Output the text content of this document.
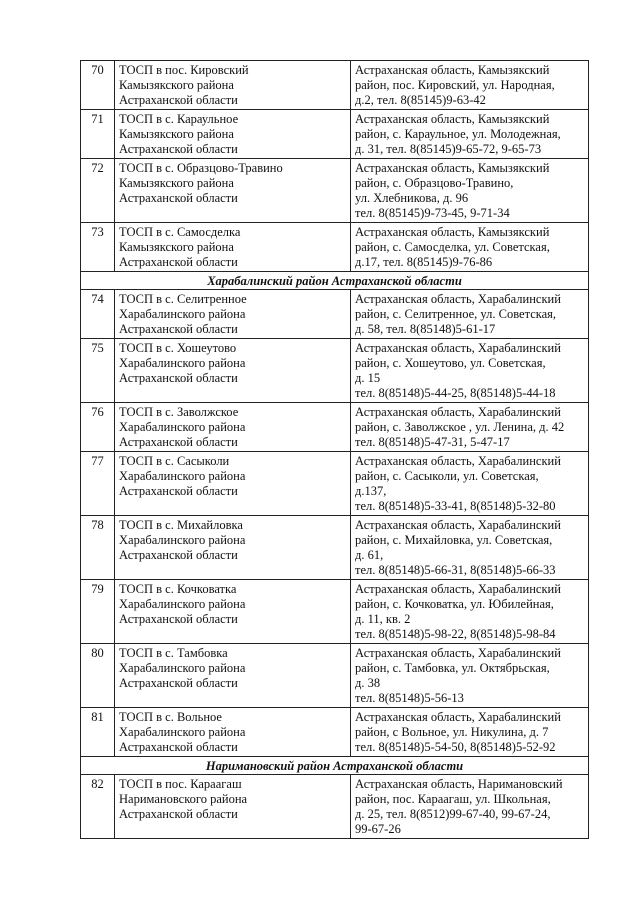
70	ТОСП в пос. Кировский
Камызякского района
Астраханской области	Астраханская область, Камызякский
район, пос. Кировский, ул. Народная,
д.2, тел. 8(85145)9-63-42

71	ТОСП в с. Караульное
Камызякского района
Астраханской области	Астраханская область, Камызякский
район, с. Караульное, ул. Молодежная,
д. 31, тел. 8(85145)9-65-72, 9-65-73

72	ТОСП в с. Образцово-Травино
Камызякского района
Астраханской области	Астраханская область, Камызякский
район, с. Образцово-Травино,
ул. Хлебникова, д. 96
тел. 8(85145)9-73-45, 9-71-34

73	ТОСП в с. Самосделка
Камызякского района
Астраханской области	Астраханская область, Камызякский
район, с. Самосделка, ул. Советская,
д.17, тел. 8(85145)9-76-86

Харабалинский район Астраханской области		
74	ТОСП в с. Селитренное
Харабалинского района
Астраханской области	Астраханская область, Харабалинский
район, с. Селитренное, ул. Советская,
д. 58, тел. 8(85148)5-61-17

75	ТОСП в с. Хошеутово
Харабалинского района
Астраханской области	Астраханская область, Харабалинский
район, с. Хошеутово, ул. Советская,
д. 15
тел. 8(85148)5-44-25, 8(85148)5-44-18

76	ТОСП в с. Заволжское
Харабалинского района
Астраханской области	Астраханская область, Харабалинский
район, с. Заволжское , ул. Ленина, д. 42
тел. 8(85148)5-47-31, 5-47-17

77	ТОСП в с. Сасыколи
Харабалинского района
Астраханской области	Астраханская область, Харабалинский
район, с. Сасыколи, ул. Советская,
д.137,
тел. 8(85148)5-33-41, 8(85148)5-32-80

78	ТОСП в с. Михайловка
Харабалинского района
Астраханской области	Астраханская область, Харабалинский
район, с. Михайловка, ул. Советская,
д. 61,
тел. 8(85148)5-66-31, 8(85148)5-66-33

79	ТОСП в с. Кочковатка
Харабалинского района
Астраханской области	Астраханская область, Харабалинский
район, с. Кочковатка, ул. Юбилейная,
д. 11, кв. 2
тел. 8(85148)5-98-22, 8(85148)5-98-84

80	ТОСП в с. Тамбовка
Харабалинского района
Астраханской области	Астраханская область, Харабалинский
район, с. Тамбовка, ул. Октябрьская,
д. 38
тел. 8(85148)5-56-13

81	ТОСП в с. Вольное
Харабалинского района
Астраханской области	Астраханская область, Харабалинский
район, с Вольное, ул. Никулина, д. 7
тел. 8(85148)5-54-50, 8(85148)5-52-92

Наримановский район Астраханской области		
82	ТОСП в пос. Караагаш
Наримановского района
Астраханской области	Астраханская область, Наримановский
район, пос. Караагаш, ул. Школьная,
д. 25, тел. 8(8512)99-67-40, 99-67-24,
99-67-26
